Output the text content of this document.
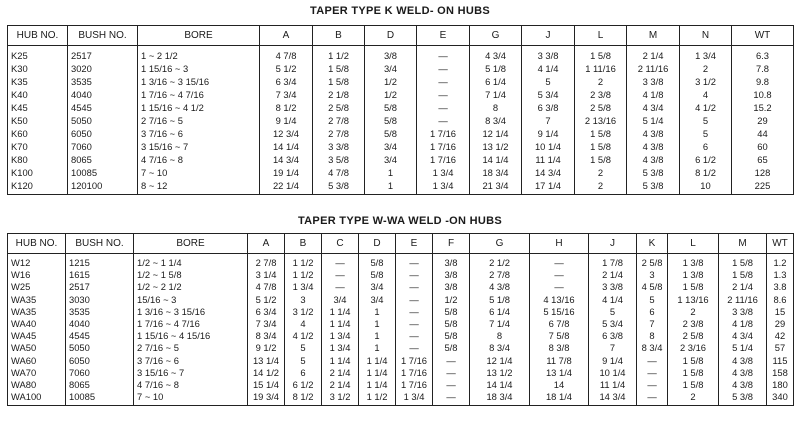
TAPER TYPE K WELD- ON HUBS
HUB NO.	BUSH NO.	BORE	A	B	D	E	G	J	L	M	N	WT
K25	2517	1 ~ 2 1/2	4 7/8	1 1/2	3/8	—	4 3/4	3 3/8	1 5/8	2 1/4	1 3/4	6.3
K30	3020	1 15/16 ~ 3	5 1/2	1 5/8	3/4	—	5 1/8	4 1/4	1 11/16	2 11/16	2	7.8
K35	3535	1 3/16 ~ 3 15/16	6 3/4	1 5/8	1/2	—	6 1/4	5	2	3 3/8	3 1/2	9.8
K40	4040	1 7/16 ~ 4 7/16	7 3/4	2 1/8	1/2	—	7 1/4	5 3/4	2 3/8	4 1/8	4	10.8
K45	4545	1 15/16 ~ 4 1/2	8 1/2	2 5/8	5/8	—	8	6 3/8	2 5/8	4 3/4	4 1/2	15.2
K50	5050	2 7/16 ~ 5	9 1/4	2 7/8	5/8	—	8 3/4	7	2 13/16	5 1/4	5	29
K60	6050	3 7/16 ~ 6	12 3/4	2 7/8	5/8	1 7/16	12 1/4	9 1/4	1 5/8	4 3/8	5	44
K70	7060	3 15/16 ~ 7	14 1/4	3 3/8	3/4	1 7/16	13 1/2	10 1/4	1 5/8	4 3/8	6	60
K80	8065	4 7/16 ~ 8	14 3/4	3 5/8	3/4	1 7/16	14 1/4	11 1/4	1 5/8	4 3/8	6 1/2	65
K100	10085	7 ~ 10	19 1/4	4 7/8	1	1 3/4	18 3/4	14 3/4	2	5 3/8	8 1/2	128
K120	120100	8 ~ 12	22 1/4	5 3/8	1	1 3/4	21 3/4	17 1/4	2	5 3/8	10	225
TAPER TYPE W-WA WELD -ON HUBS
HUB NO.	BUSH NO.	BORE	A	B	C	D	E	F	G	H	J	K	L	M	WT
W12	1215	1/2 ~ 1 1/4	2 7/8	1 1/2	—	5/8	—	3/8	2 1/2	—	1 7/8	2 5/8	1 3/8	1 5/8	1.2
W16	1615	1/2 ~ 1 5/8	3 1/4	1 1/2	—	5/8	—	3/8	2 7/8	—	2 1/4	3	1 3/8	1 5/8	1.3
W25	2517	1/2 ~ 2 1/2	4 7/8	1 3/4	—	3/4	—	3/8	4 3/8	—	3 3/8	4 5/8	1 5/8	2 1/4	3.8
WA35	3030	15/16 ~ 3	5 1/2	3	3/4	3/4	—	1/2	5 1/8	4 13/16	4 1/4	5	1 13/16	2 11/16	8.6
WA35	3535	1 3/16 ~ 3 15/16	6 3/4	3 1/2	1 1/4	1	—	5/8	6 1/4	5 15/16	5	6	2	3 3/8	15
WA40	4040	1 7/16 ~ 4 7/16	7 3/4	4	1 1/4	1	—	5/8	7 1/4	6 7/8	5 3/4	7	2 3/8	4 1/8	29
WA45	4545	1 15/16 ~ 4 15/16	8 3/4	4 1/2	1 3/4	1	—	5/8	8	7 5/8	6 3/8	8	2 5/8	4 3/4	42
WA50	5050	2 7/16 ~ 5	9 1/2	5	1 3/4	1	—	5/8	8 3/4	8 3/8	7	8 3/4	2 3/16	5 1/4	57
WA60	6050	3 7/16 ~ 6	13 1/4	5	1 1/4	1 1/4	1 7/16	—	12 1/4	11 7/8	9 1/4	—	1 5/8	4 3/8	115
WA70	7060	3 15/16 ~ 7	14 1/2	6	2 1/4	1 1/4	1 7/16	—	13 1/2	13 1/4	10 1/4	—	1 5/8	4 3/8	158
WA80	8065	4 7/16 ~ 8	15 1/4	6 1/2	2 1/4	1 1/4	1 7/16	—	14 1/4	14	11 1/4	—	1 5/8	4 3/8	180
WA100	10085	7 ~ 10	19 3/4	8 1/2	3 1/2	1 1/2	1 3/4	—	18 3/4	18 1/4	14 3/4	—	2	5 3/8	340
